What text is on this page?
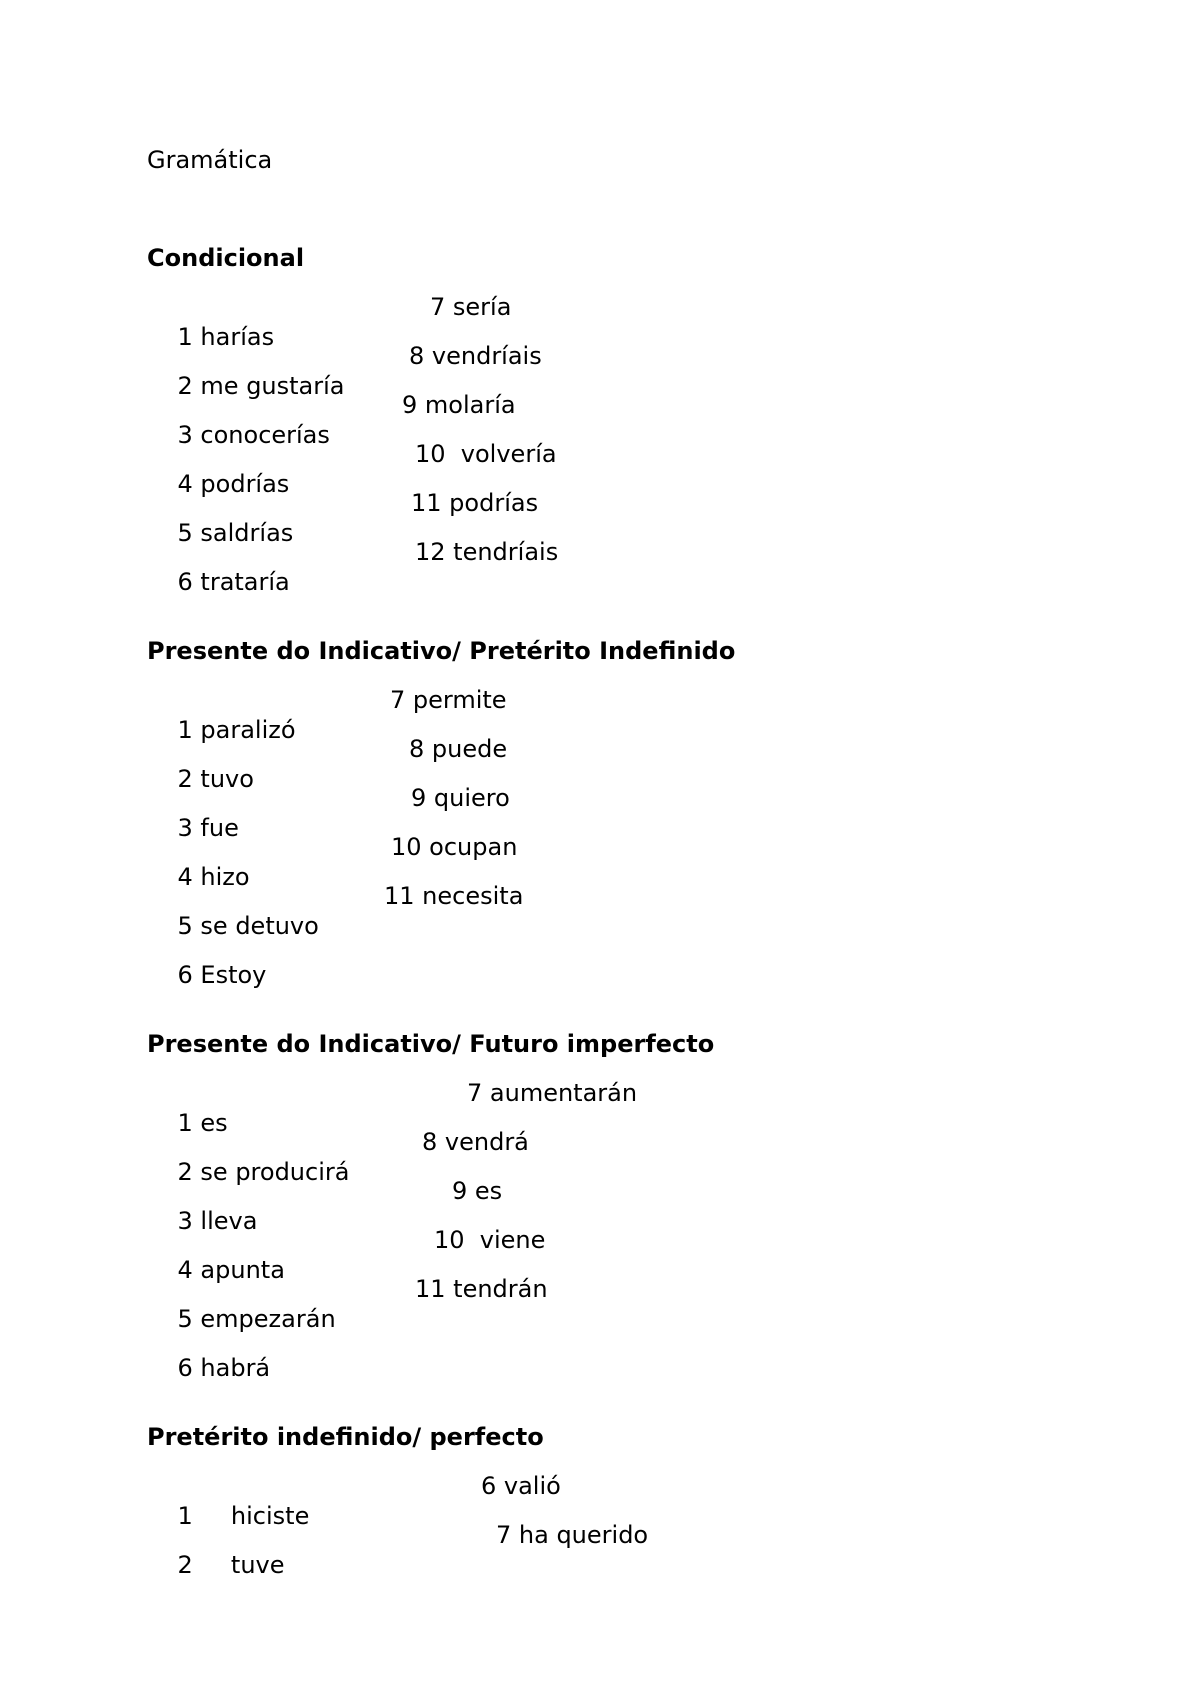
Gramática
Condicional

1 harías

7 sería

2 me gustaría

8 vendríais

3 conocerías

9 molaría

4 podrías

10  volvería

5 saldrías

11 podrías

6 trataría

12 tendríais

Presente do Indicativo/ Pretérito Indefinido

1 paralizó

7 permite

2 tuvo

8 puede

3 fue

9 quiero

4 hizo

10 ocupan

5 se detuvo

11 necesita

6 Estoy

Presente do Indicativo/ Futuro imperfecto

1 es

7 aumentarán

2 se producirá

8 vendrá

3 lleva

9 es

4 apunta

10  viene

5 empezarán

11 tendrán

6 habrá

Pretérito indefinido/ perfecto

1     hiciste

6 valió

2     tuve

7 ha querido
